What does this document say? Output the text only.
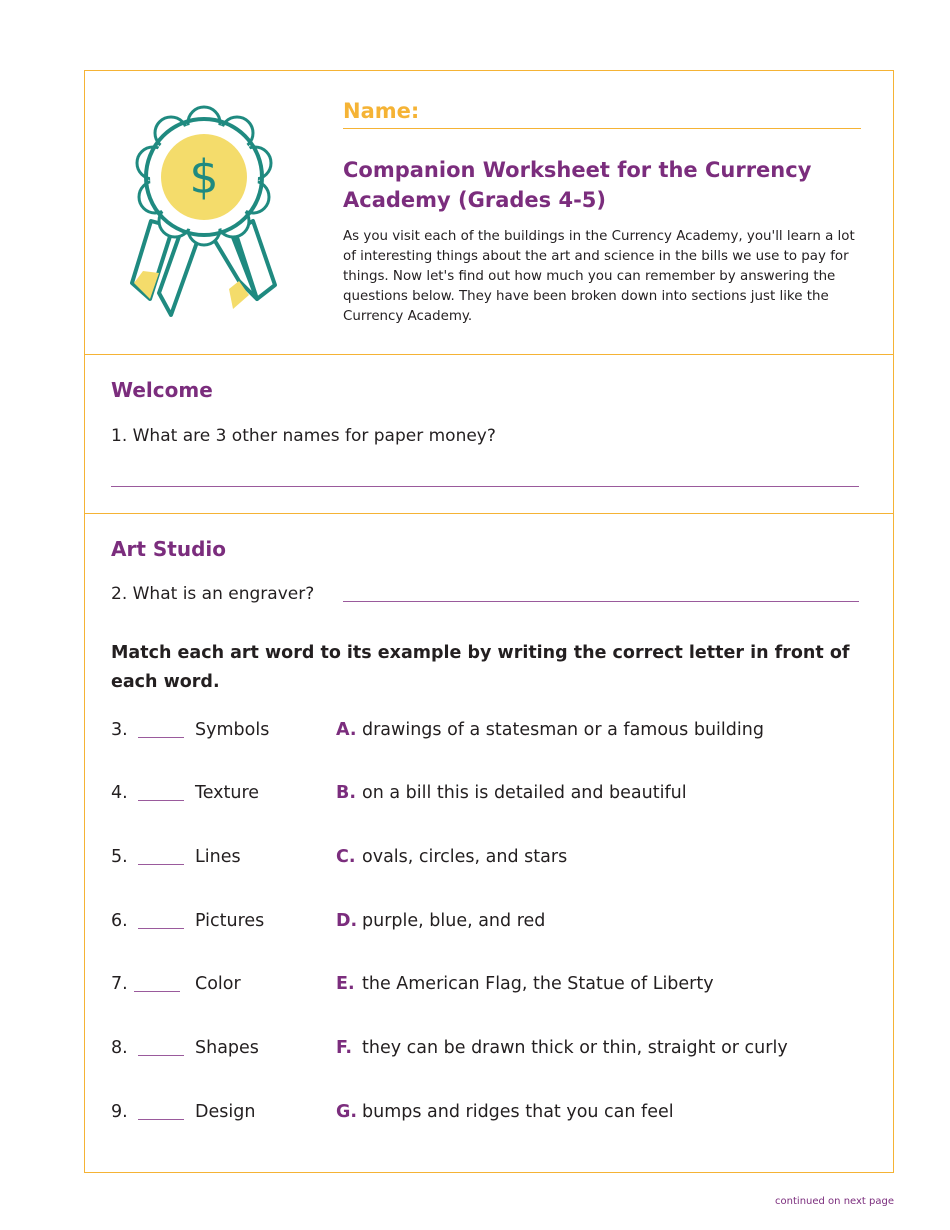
$
Name:
Companion Worksheet for the Currency Academy (Grades 4-5)
As you visit each of the buildings in the Currency Academy, you'll learn a lot of interesting things about the art and science in the bills we use to pay for things. Now let's find out how much you can remember by answering the questions below. They have been broken down into sections just like the Currency Academy.
Welcome
1. What are 3 other names for paper money?
Art Studio
2. What is an engraver?
Match each art word to its example by writing the correct letter in front of each word.
3.	Symbols	A. drawings of a statesman or a famous building
4.	Texture	B. on a bill this is detailed and beautiful
5.	Lines	C. ovals, circles, and stars
6.	Pictures	D. purple, blue, and red
7.	Color	E. the American Flag, the Statue of Liberty
8.	Shapes	F. they can be drawn thick or thin, straight or curly
9.	Design	G. bumps and ridges that you can feel
continued on next page
